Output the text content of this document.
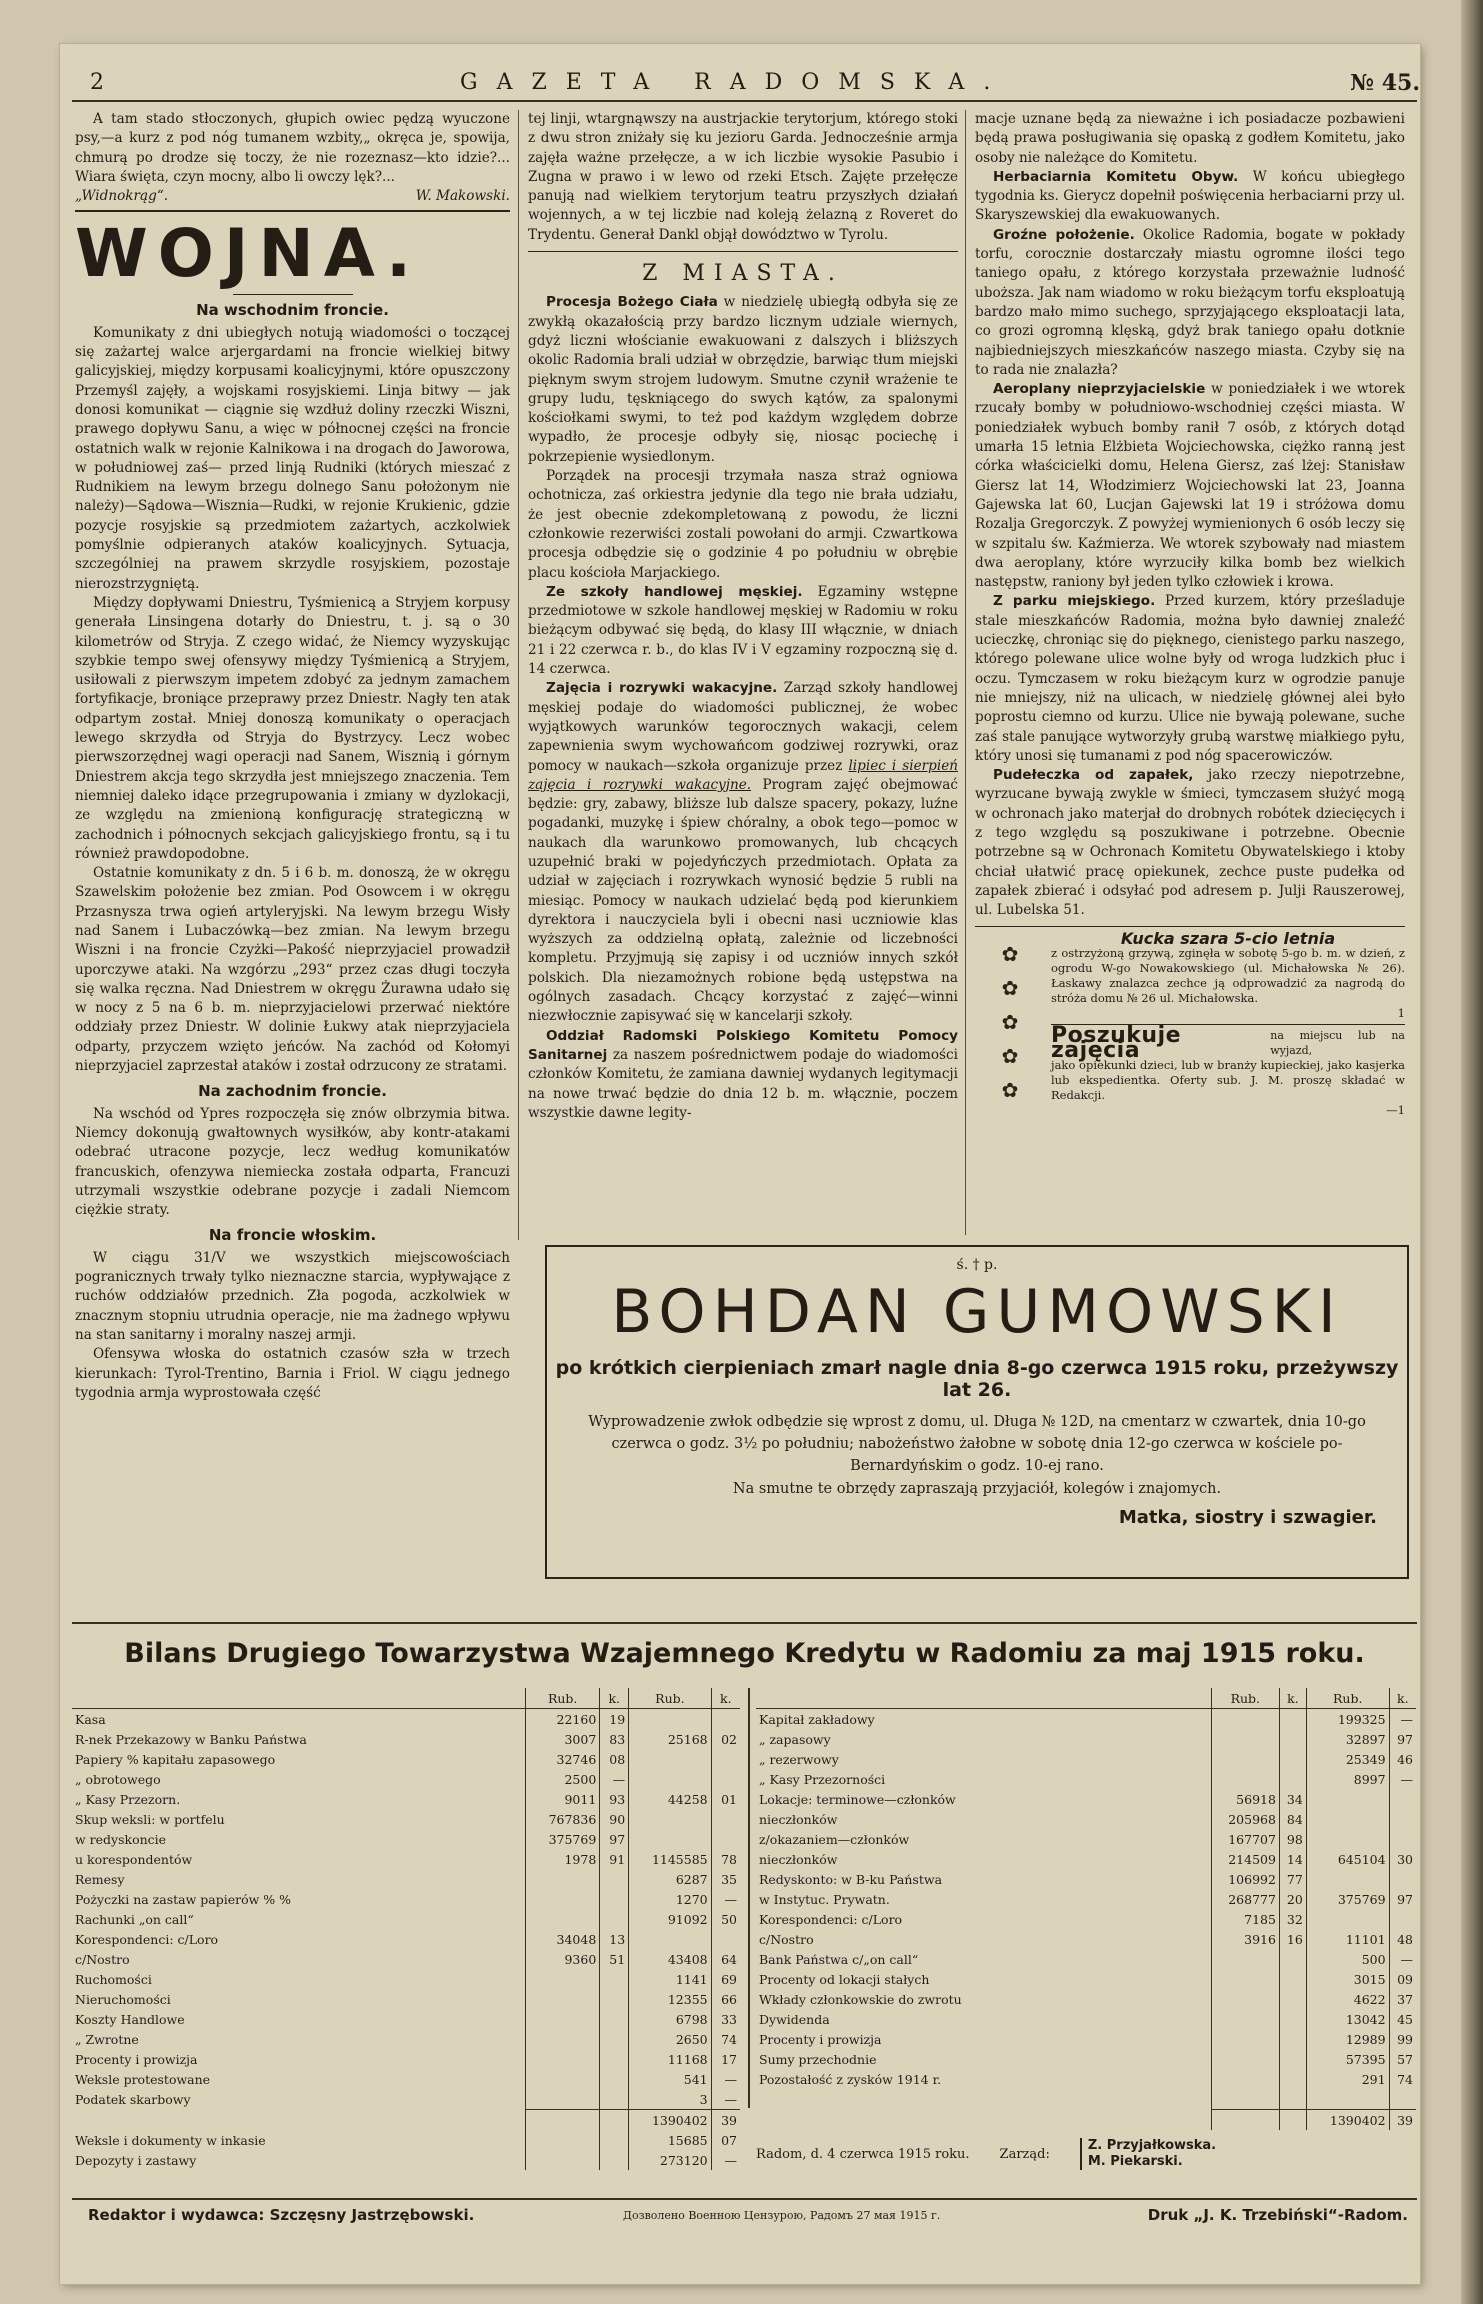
2	GAZETA RADOMSKA.	№ 45.

A tam stado stłoczonych, głupich owiec pędzą wyuczone psy,—a kurz z pod nóg tumanem wzbity,„ okręca je, spowija, chmurą po drodze się toczy, że nie rozeznasz—kto idzie?... Wiara święta, czyn mocny, albo li owczy lęk?...

„Widnokrąg“.	W. Makowski.
WOJNA.
Na wschodnim froncie.

Komunikaty z dni ubiegłych notują wiadomości o toczącej się zażartej walce arjergardami na froncie wielkiej bitwy galicyjskiej, między korpusami koalicyjnymi, które opuszczony Przemyśl zajęły, a wojskami rosyjskiemi. Linja bitwy — jak donosi komunikat — ciągnie się wzdłuż doliny rzeczki Wiszni, prawego dopływu Sanu, a więc w północnej części na froncie ostatnich walk w rejonie Kalnikowa i na drogach do Jaworowa, w południowej zaś— przed linją Rudniki (których mieszać z Rudnikiem na lewym brzegu dolnego Sanu położonym nie należy)—Sądowa—Wisznia—Rudki, w rejonie Krukienic, gdzie pozycje rosyjskie są przedmiotem zażartych, aczkolwiek pomyślnie odpieranych ataków koalicyjnych. Sytuacja, szczególniej na prawem skrzydle rosyjskiem, pozostaje nierozstrzygniętą.

Między dopływami Dniestru, Tyśmienicą a Stryjem korpusy generała Linsingena dotarły do Dniestru, t. j. są o 30 kilometrów od Stryja. Z czego widać, że Niemcy wyzyskując szybkie tempo swej ofensywy między Tyśmienicą a Stryjem, usiłowali z pierwszym impetem zdobyć za jednym zamachem fortyfikacje, broniące przeprawy przez Dniestr. Nagły ten atak odpartym został. Mniej donoszą komunikaty o operacjach lewego skrzydła od Stryja do Bystrzycy. Lecz wobec pierwszorzędnej wagi operacji nad Sanem, Wisznią i górnym Dniestrem akcja tego skrzydła jest mniejszego znaczenia. Tem niemniej daleko idące przegrupowania i zmiany w dyzlokacji, ze względu na zmienioną konfigurację strategiczną w zachodnich i północnych sekcjach galicyjskiego frontu, są i tu również prawdopodobne.

Ostatnie komunikaty z dn. 5 i 6 b. m. donoszą, że w okręgu Szawelskim położenie bez zmian. Pod Osowcem i w okręgu Przasnysza trwa ogień artyleryjski. Na lewym brzegu Wisły nad Sanem i Lubaczówką—bez zmian. Na lewym brzegu Wiszni i na froncie Czyżki—Pakość nieprzyjaciel prowadził uporczywe ataki. Na wzgórzu „293“ przez czas długi toczyła się walka ręczna. Nad Dniestrem w okręgu Żurawna udało się w nocy z 5 na 6 b. m. nieprzyjacielowi przerwać niektóre oddziały przez Dniestr. W dolinie Łukwy atak nieprzyjaciela odparty, przyczem wzięto jeńców. Na zachód od Kołomyi nieprzyjaciel zaprzestał ataków i został odrzucony ze stratami.

Na zachodnim froncie.

Na wschód od Ypres rozpoczęła się znów olbrzymia bitwa. Niemcy dokonują gwałtownych wysiłków, aby kontr-atakami odebrać utracone pozycje, lecz według komunikatów francuskich, ofenzywa niemiecka została odparta, Francuzi utrzymali wszystkie odebrane pozycje i zadali Niemcom ciężkie straty.

Na froncie włoskim.

W ciągu 31/V we wszystkich miejscowościach pogranicznych trwały tylko nieznaczne starcia, wypływające z ruchów oddziałów przednich. Zła pogoda, aczkolwiek w znacznym stopniu utrudnia operacje, nie ma żadnego wpływu na stan sanitarny i moralny naszej armji.

Ofensywa włoska do ostatnich czasów szła w trzech kierunkach: Tyrol-Trentino, Barnia i Friol. W ciągu jednego tygodnia armja wyprostowała część

tej linji, wtargnąwszy na austrjackie terytorjum, którego stoki z dwu stron zniżały się ku jezioru Garda. Jednocześnie armja zajęła ważne przełęcze, a w ich liczbie wysokie Pasubio i Zugna w prawo i w lewo od rzeki Etsch. Zajęte przełęcze panują nad wielkiem terytorjum teatru przyszłych działań wojennych, a w tej liczbie nad koleją żelazną z Roveret do Trydentu. Generał Dankl objął dowództwo w Tyrolu.

Z MIASTA.

Procesja Bożego Ciała w niedzielę ubiegłą odbyła się ze zwykłą okazałością przy bardzo licznym udziale wiernych, gdyż liczni włościanie ewakuowani z dalszych i bliższych okolic Radomia brali udział w obrzędzie, barwiąc tłum miejski pięknym swym strojem ludowym. Smutne czynił wrażenie te grupy ludu, tęskniącego do swych kątów, za spalonymi kościołkami swymi, to też pod każdym względem dobrze wypadło, że procesje odbyły się, niosąc pociechę i pokrzepienie wysiedlonym.

Porządek na procesji trzymała nasza straż ogniowa ochotnicza, zaś orkiestra jedynie dla tego nie brała udziału, że jest obecnie zdekompletowaną z powodu, że liczni członkowie rezerwiści zostali powołani do armji. Czwartkowa procesja odbędzie się o godzinie 4 po południu w obrębie placu kościoła Marjackiego.

Ze szkoły handlowej męskiej. Egzaminy wstępne przedmiotowe w szkole handlowej męskiej w Radomiu w roku bieżącym odbywać się będą, do klasy III włącznie, w dniach 21 i 22 czerwca r. b., do klas IV i V egzaminy rozpoczną się d. 14 czerwca.

Zajęcia i rozrywki wakacyjne. Zarząd szkoły handlowej męskiej podaje do wiadomości publicznej, że wobec wyjątkowych warunków tegorocznych wakacji, celem zapewnienia swym wychowańcom godziwej rozrywki, oraz pomocy w naukach—szkoła organizuje przez lipiec i sierpień zajęcia i rozrywki wakacyjne. Program zajęć obejmować będzie: gry, zabawy, bliższe lub dalsze spacery, pokazy, luźne pogadanki, muzykę i śpiew chóralny, a obok tego—pomoc w naukach dla warunkowo promowanych, lub chcących uzupełnić braki w pojedyńczych przedmiotach. Opłata za udział w zajęciach i rozrywkach wynosić będzie 5 rubli na miesiąc. Pomocy w naukach udzielać będą pod kierunkiem dyrektora i nauczyciela byli i obecni nasi uczniowie klas wyższych za oddzielną opłatą, zależnie od liczebności kompletu. Przyjmują się zapisy i od uczniów innych szkół polskich. Dla niezamożnych robione będą ustępstwa na ogólnych zasadach. Chcący korzystać z zajęć—winni niezwłocznie zapisywać się w kancelarji szkoły.

Oddział Radomski Polskiego Komitetu Pomocy Sanitarnej za naszem pośrednictwem podaje do wiadomości członków Komitetu, że zamiana dawniej wydanych legitymacji na nowe trwać będzie do dnia 12 b. m. włącznie, poczem wszystkie dawne legity-

macje uznane będą za nieważne i ich posiadacze pozbawieni będą prawa posługiwania się opaską z godłem Komitetu, jako osoby nie należące do Komitetu.

Herbaciarnia Komitetu Obyw. W końcu ubiegłego tygodnia ks. Gierycz dopełnił poświęcenia herbaciarni przy ul. Skaryszewskiej dla ewakuowanych.

Groźne położenie. Okolice Radomia, bogate w pokłady torfu, corocznie dostarczały miastu ogromne ilości tego taniego opału, z którego korzystała przeważnie ludność uboższa. Jak nam wiadomo w roku bieżącym torfu eksploatują bardzo mało mimo suchego, sprzyjającego eksploatacji lata, co grozi ogromną klęską, gdyż brak taniego opału dotknie najbiedniejszych mieszkańców naszego miasta. Czyby się na to rada nie znalazła?

Aeroplany nieprzyjacielskie w poniedziałek i we wtorek rzucały bomby w południowo-wschodniej części miasta. W poniedziałek wybuch bomby ranił 7 osób, z których dotąd umarła 15 letnia Elżbieta Wojciechowska, ciężko ranną jest córka właścicielki domu, Helena Giersz, zaś lżej: Stanisław Giersz lat 14, Włodzimierz Wojciechowski lat 23, Joanna Gajewska lat 60, Lucjan Gajewski lat 19 i stróżowa domu Rozalja Gregorczyk. Z powyżej wymienionych 6 osób leczy się w szpitalu św. Kaźmierza. We wtorek szybowały nad miastem dwa aeroplany, które wyrzuciły kilka bomb bez wielkich następstw, raniony był jeden tylko człowiek i krowa.

Z parku miejskiego. Przed kurzem, który prześladuje stale mieszkańców Radomia, można było dawniej znaleźć ucieczkę, chroniąc się do pięknego, cienistego parku naszego, którego polewane ulice wolne były od wroga ludzkich płuc i oczu. Tymczasem w roku bieżącym kurz w ogrodzie panuje nie mniejszy, niż na ulicach, w niedzielę głównej alei było poprostu ciemno od kurzu. Ulice nie bywają polewane, suche zaś stale panujące wytworzyły grubą warstwę miałkiego pyłu, który unosi się tumanami z pod nóg spacerowiczów.

Pudełeczka od zapałek, jako rzeczy niepotrzebne, wyrzucane bywają zwykle w śmieci, tymczasem służyć mogą w ochronach jako materjał do drobnych robótek dziecięcych i z tego względu są poszukiwane i potrzebne. Obecnie potrzebne są w Ochronach Komitetu Obywatelskiego i ktoby chciał ułatwić pracę opiekunek, zechce puste pudełka od zapałek zbierać i odsyłać pod adresem p. Julji Rauszerowej, ul. Lubelska 51.

✿
✿
✿
✿
✿
Kucka szara 5-cio letnia
z ostrzyżoną grzywą, zginęła w sobotę 5-go b. m. w dzień, z ogrodu W-go Nowakowskiego (ul. Michałowska № 26). Łaskawy znalazca zechce ją odprowadzić za nagrodą do stróża domu № 26 ul. Michałowska.
1
Poszukuje zajęcia
na miejscu lub na wyjazd,
jako opiekunki dzieci, lub w branży kupieckiej, jako kasjerka lub ekspedientka. Oferty sub. J. M. proszę składać w Redakcji.
—1
ś. † p.
BOHDAN GUMOWSKI
po krótkich cierpieniach zmarł nagle dnia 8-go czerwca 1915 roku, przeżywszy lat 26.
Wyprowadzenie zwłok odbędzie się wprost z domu, ul. Długa № 12D, na cmentarz w czwartek, dnia 10-go czerwca o godz. 3½ po południu; nabożeństwo żałobne w sobotę dnia 12-go czerwca w kościele po-Bernardyńskim o godz. 10-ej rano.
Na smutne te obrzędy zapraszają przyjaciół, kolegów i znajomych.
Matka, siostry i szwagier.
Bilans Drugiego Towarzystwa Wzajemnego Kredytu w Radomiu za maj 1915 roku.
	Rub.	k.	Rub.	k.
Kasa	22160	19		
R-nek Przekazowy w Banku Państwa	3007	83	25168	02
Papiery % kapitału zapasowego	32746	08		
„ obrotowego	2500	—		
„ Kasy Przezorn.	9011	93	44258	01
Skup weksli: w portfelu	767836	90		
w redyskoncie	375769	97		
u korespondentów	1978	91	1145585	78
Remesy			6287	35
Pożyczki na zastaw papierów % %			1270	—
Rachunki „on call“			91092	50
Korespondenci: c/Loro	34048	13		
c/Nostro	9360	51	43408	64
Ruchomości			1141	69
Nieruchomości			12355	66
Koszty Handlowe			6798	33
„ Zwrotne			2650	74
Procenty i prowizja			11168	17
Weksle protestowane			541	—
Podatek skarbowy			3	—
			1390402	39
Weksle i dokumenty w inkasie			15685	07
Depozyty i zastawy			273120	—
	Rub.	k.	Rub.	k.
Kapitał zakładowy			199325	—
„ zapasowy			32897	97
„ rezerwowy			25349	46
„ Kasy Przezorności			8997	—
Lokacje: terminowe—członków	56918	34		
nieczłonków	205968	84		
z/okazaniem—członków	167707	98		
nieczłonków	214509	14	645104	30
Redyskonto: w B-ku Państwa	106992	77		
w Instytuc. Prywatn.	268777	20	375769	97
Korespondenci: c/Loro	7185	32		
c/Nostro	3916	16	11101	48
Bank Państwa c/„on call“			500	—
Procenty od lokacji stałych			3015	09
Wkłady członkowskie do zwrotu			4622	37
Dywidenda			13042	45
Procenty i prowizja			12989	99
Sumy przechodnie			57395	57
Pozostałość z zysków 1914 r.			291	74

			1390402	39
Radom, d. 4 czerwca 1915 roku. Zarząd:
Z. Przyjałkowska.
M. Piekarski.
Redaktor i wydawca: Szczęsny Jastrzębowski.	Дозволено Военною Цензурою, Радомъ 27 мая 1915 г.	Druk „J. K. Trzebiński“-Radom.
